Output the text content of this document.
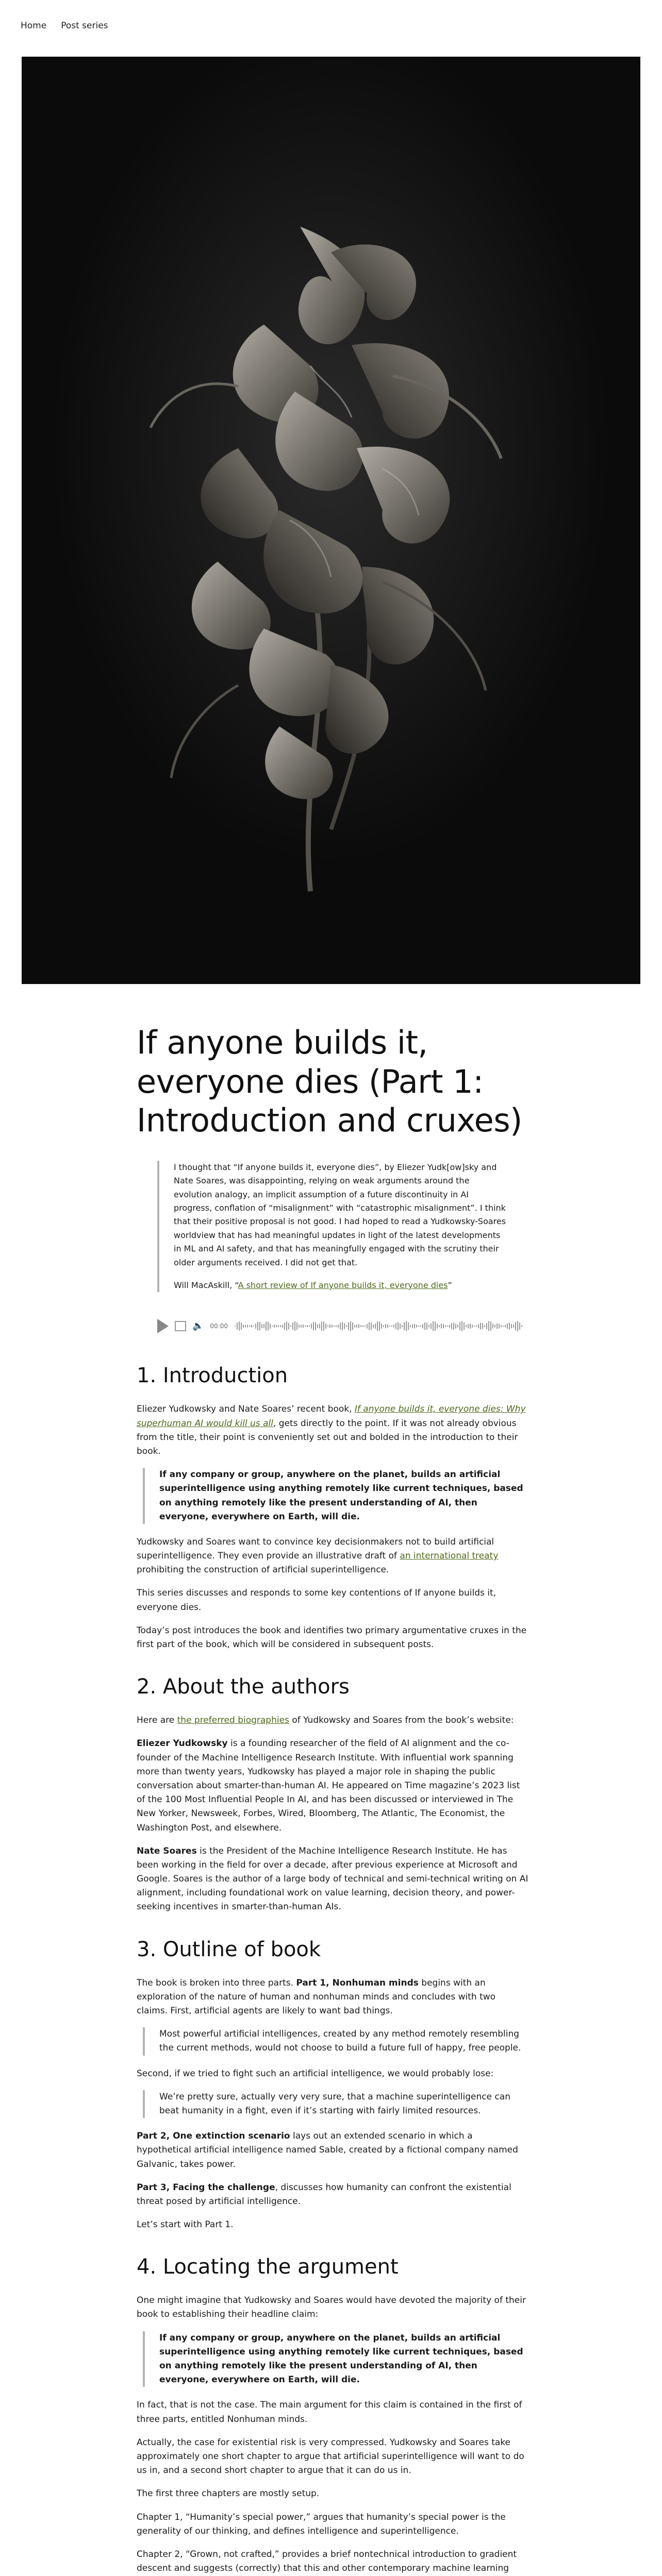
Home Post series
If anyone builds it, everyone dies (Part 1: Introduction and cruxes)

I thought that “If anyone builds it, everyone dies”, by Eliezer Yudk[ow]sky and Nate Soares, was disappointing, relying on weak arguments around the evolution analogy, an implicit assumption of a future discontinuity in AI progress, conflation of “misalignment” with “catastrophic misalignment”. I think that their positive proposal is not good. I had hoped to read a Yudkowsky-Soares worldview that has had meaningful updates in light of the latest developments in ML and AI safety, and that has meaningfully engaged with the scrutiny their older arguments received. I did not get that.

Will MacAskill, “A short review of If anyone builds it, everyone dies”

🔈 00:00
1. Introduction

Eliezer Yudkowsky and Nate Soares’ recent book, If anyone builds it, everyone dies: Why superhuman AI would kill us all, gets directly to the point. If it was not already obvious from the title, their point is conveniently set out and bolded in the introduction to their book.

If any company or group, anywhere on the planet, builds an artificial superintelligence using anything remotely like current techniques, based on anything remotely like the present understanding of AI, then everyone, everywhere on Earth, will die.

Yudkowsky and Soares want to convince key decisionmakers not to build artificial superintelligence. They even provide an illustrative draft of an international treaty prohibiting the construction of artificial superintelligence.

This series discusses and responds to some key contentions of If anyone builds it, everyone dies.

Today’s post introduces the book and identifies two primary argumentative cruxes in the first part of the book, which will be considered in subsequent posts.

2. About the authors

Here are the preferred biographies of Yudkowsky and Soares from the book’s website:

Eliezer Yudkowsky is a founding researcher of the field of AI alignment and the co-founder of the Machine Intelligence Research Institute. With influential work spanning more than twenty years, Yudkowsky has played a major role in shaping the public conversation about smarter-than-human AI. He appeared on Time magazine’s 2023 list of the 100 Most Influential People In AI, and has been discussed or interviewed in The New Yorker, Newsweek, Forbes, Wired, Bloomberg, The Atlantic, The Economist, the Washington Post, and elsewhere.

Nate Soares is the President of the Machine Intelligence Research Institute. He has been working in the field for over a decade, after previous experience at Microsoft and Google. Soares is the author of a large body of technical and semi-technical writing on AI alignment, including foundational work on value learning, decision theory, and power-seeking incentives in smarter-than-human AIs.

3. Outline of book

The book is broken into three parts. Part 1, Nonhuman minds begins with an exploration of the nature of human and nonhuman minds and concludes with two claims. First, artificial agents are likely to want bad things.

Most powerful artificial intelligences, created by any method remotely resembling the current methods, would not choose to build a future full of happy, free people.

Second, if we tried to fight such an artificial intelligence, we would probably lose:

We’re pretty sure, actually very very sure, that a machine superintelligence can beat humanity in a fight, even if it’s starting with fairly limited resources.

Part 2, One extinction scenario lays out an extended scenario in which a hypothetical artificial intelligence named Sable, created by a fictional company named Galvanic, takes power.

Part 3, Facing the challenge, discusses how humanity can confront the existential threat posed by artificial intelligence.

Let’s start with Part 1.

4. Locating the argument

One might imagine that Yudkowsky and Soares would have devoted the majority of their book to establishing their headline claim:

If any company or group, anywhere on the planet, builds an artificial superintelligence using anything remotely like current techniques, based on anything remotely like the present understanding of AI, then everyone, everywhere on Earth, will die.

In fact, that is not the case. The main argument for this claim is contained in the first of three parts, entitled Nonhuman minds.

Actually, the case for existential risk is very compressed. Yudkowsky and Soares take approximately one short chapter to argue that artificial superintelligence will want to do us in, and a second short chapter to argue that it can do us in.

The first three chapters are mostly setup.

Chapter 1, “Humanity’s special power,” argues that humanity’s special power is the generality of our thinking, and defines intelligence and superintelligence.

Chapter 2, “Grown, not crafted,” provides a brief nontechnical introduction to gradient descent and suggests (correctly) that this and other contemporary machine learning
